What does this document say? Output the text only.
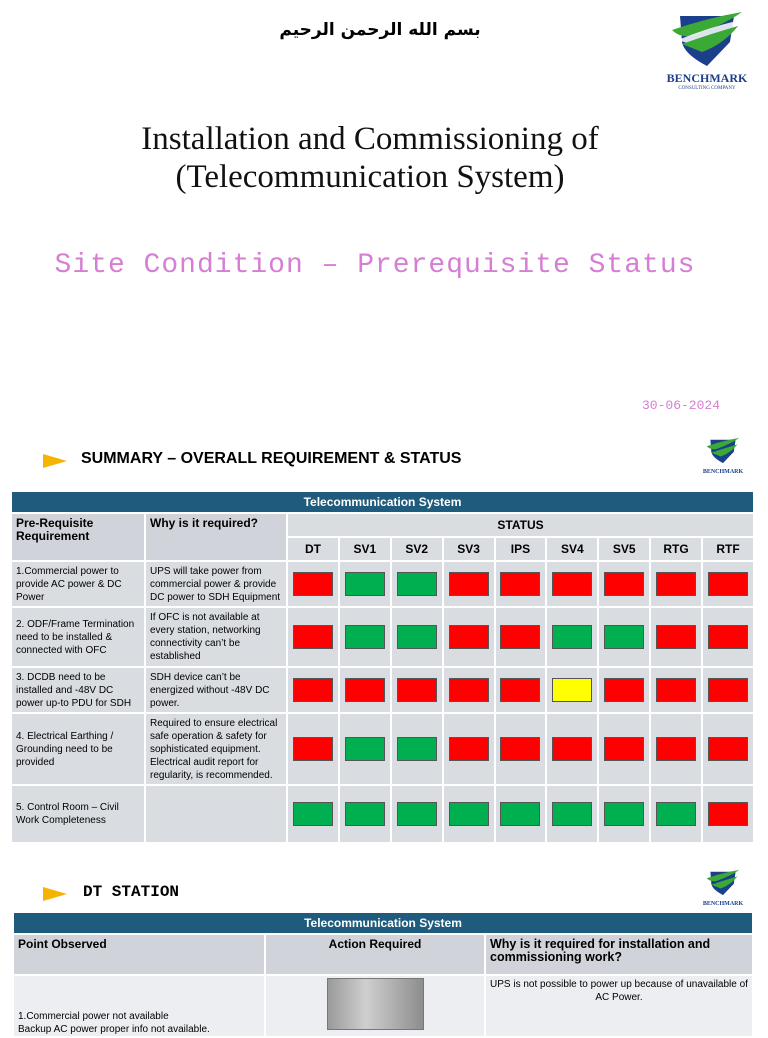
بسم الله الرحمن الرحيم
BENCHMARK
CONSULTING COMPANY
Installation and Commissioning of
(Telecommunication System)
Site Condition – Prerequisite Status
30-06-2024
SUMMARY – OVERALL REQUIREMENT & STATUS
BENCHMARK
Telecommunication System										
Pre-Requisite Requirement	Why is it required?	STATUS								
		DT	SV1	SV2	SV3	IPS	SV4	SV5	RTG	RTF
1.Commercial power to provide AC power & DC Power	UPS will take power from commercial power & provide DC power to SDH Equipment									
2. ODF/Frame Termination need to be installed & connected with OFC	If OFC is not available at every station, networking connectivity can’t be established									
3. DCDB need to be installed and -48V DC power up-to PDU for SDH	SDH device can’t be energized without -48V DC power.									
4. Electrical Earthing / Grounding need to be provided	Required to ensure electrical safe operation & safety for sophisticated equipment. Electrical audit report for regularity, is recommended.									
5. Control Room – Civil Work Completeness										
DT STATION
BENCHMARK
Telecommunication System		
Point Observed	Action Required	Why is it required for installation and commissioning work?

1.Commercial power not available
Backup AC power proper info not available.		UPS is not possible to power up because of unavailable of AC Power.
